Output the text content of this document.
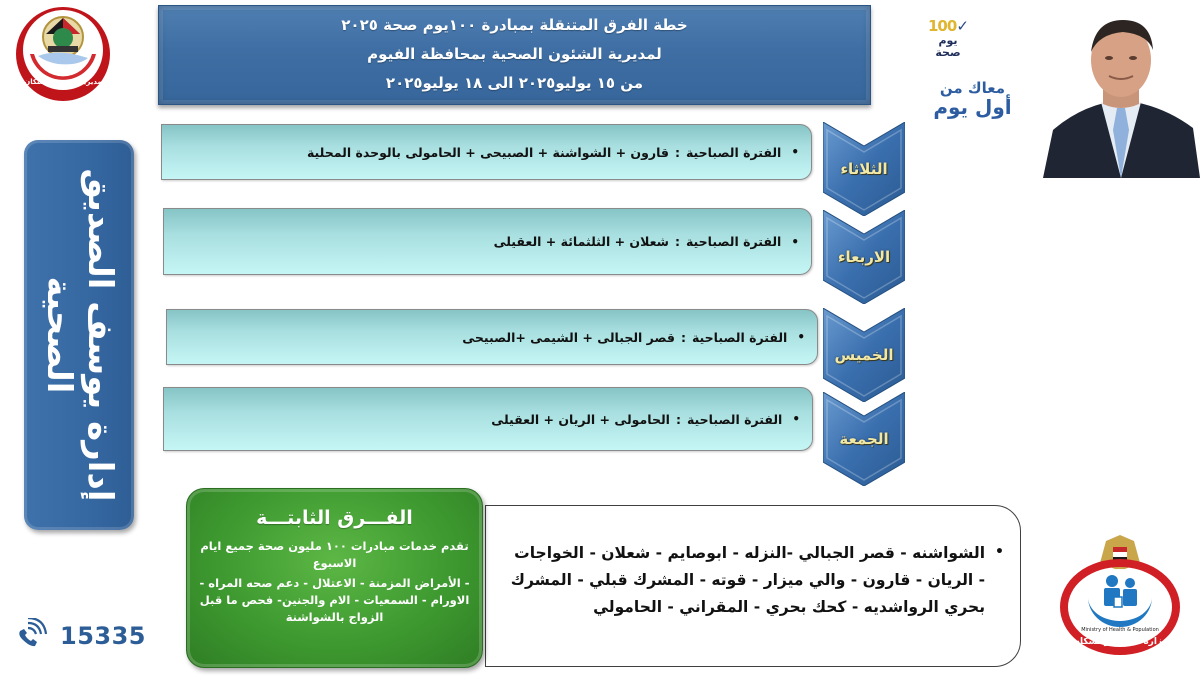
مديرية الصحة والسكان
خطة الفرق المتنقلة بمبادرة ١٠٠يوم صحة ٢٠٢٥
لمديرية الشئون الصحية بمحافظة الفيوم
من ١٥ يوليو٢٠٢٥ الى ١٨ يوليو٢٠٢٥
100✓
يوم
صحة
معاك من
أول يوم
إدارة يوسف الصديق الصحية
•
الفترة الصباحية
:
قارون + الشواشنة + الصبيحى + الحامولى بالوحدة المحلية
الثلاثاء
•
الفترة الصباحية
:
شعلان + الثلثمائة + العقيلى
الاربعاء
•
الفترة الصباحية
:
قصر الجبالى + الشيمى +الصبيحى
الخميس
•
الفترة الصباحية
:
الحامولى + الريان + العقيلى
الجمعة
•
الشواشنه - قصر الجبالي -النزله - ابوصايم - شعلان - الخواجات - الريان - قارون - والي ميزار - قوته - المشرك قبلي - المشرك بحري الرواشديه - كحك بحري - المقراني - الحامولي
الفـــرق الثابتـــة
تقدم خدمات مبادرات ١٠٠ مليون صحة جميع ايام الاسبوع
- الأمراض المزمنة - الاعتلال - دعم صحه المراه - الاورام - السمعيات - الام والجنين- فحص ما قبل الزواج بالشواشنة
15335	Ministry of Health & Population
وزارة الصحة والسكان
